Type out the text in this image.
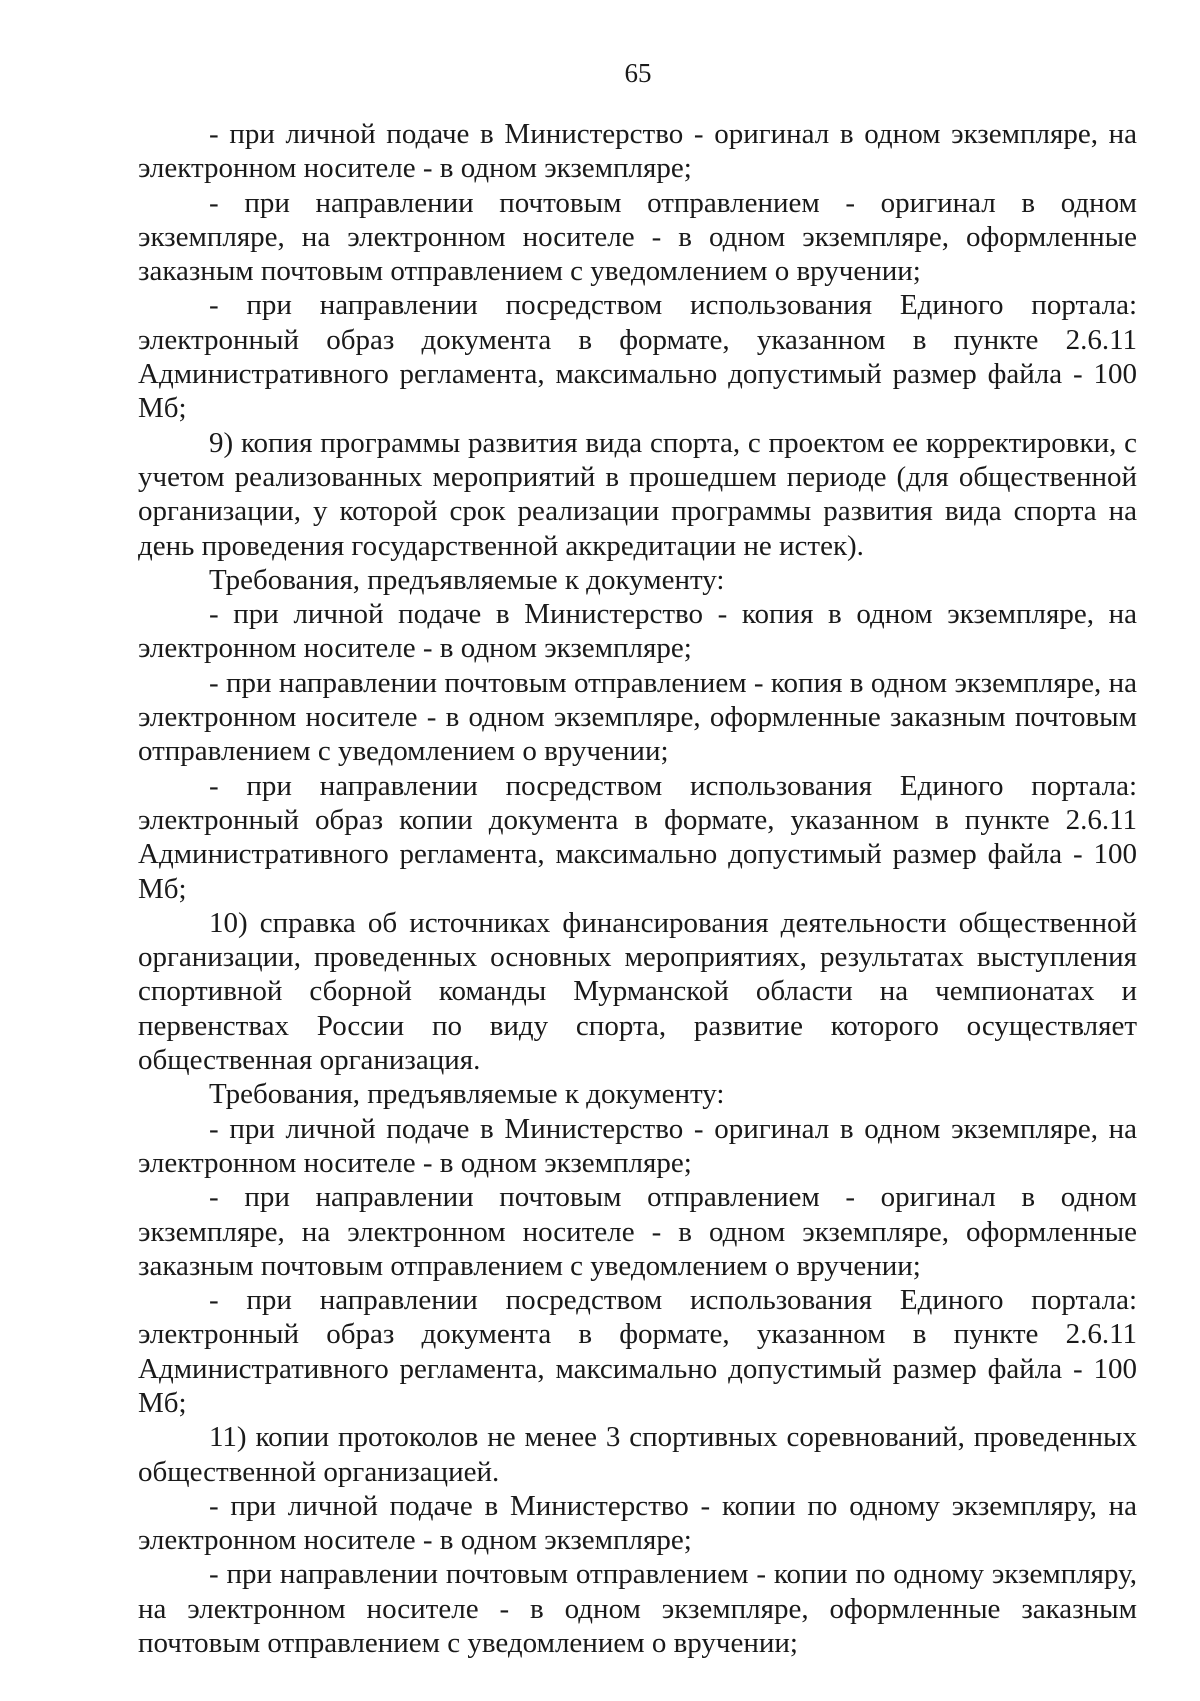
65

- при личной подаче в Министерство - оригинал в одном экземпляре, на электронном носителе - в одном экземпляре;

- при направлении почтовым отправлением - оригинал в одном экземпляре, на электронном носителе - в одном экземпляре, оформленные заказным почтовым отправлением с уведомлением о вручении;

- при направлении посредством использования Единого портала: электронный образ документа в формате, указанном в пункте 2.6.11 Административного регламента, максимально допустимый размер файла - 100 Мб;

9) копия программы развития вида спорта, с проектом ее корректировки, с учетом реализованных мероприятий в прошедшем периоде (для общественной организации, у которой срок реализации программы развития вида спорта на день проведения государственной аккредитации не истек).

Требования, предъявляемые к документу:

- при личной подаче в Министерство - копия в одном экземпляре, на электронном носителе - в одном экземпляре;

- при направлении почтовым отправлением - копия в одном экземпляре, на электронном носителе - в одном экземпляре, оформленные заказным почтовым отправлением с уведомлением о вручении;

- при направлении посредством использования Единого портала: электронный образ копии документа в формате, указанном в пункте 2.6.11 Административного регламента, максимально допустимый размер файла - 100 Мб;

10) справка об источниках финансирования деятельности общественной организации, проведенных основных мероприятиях, результатах выступления спортивной сборной команды Мурманской области на чемпионатах и первенствах России по виду спорта, развитие которого осуществляет общественная организация.

Требования, предъявляемые к документу:

- при личной подаче в Министерство - оригинал в одном экземпляре, на электронном носителе - в одном экземпляре;

- при направлении почтовым отправлением - оригинал в одном экземпляре, на электронном носителе - в одном экземпляре, оформленные заказным почтовым отправлением с уведомлением о вручении;

- при направлении посредством использования Единого портала: электронный образ документа в формате, указанном в пункте 2.6.11 Административного регламента, максимально допустимый размер файла - 100 Мб;

11) копии протоколов не менее 3 спортивных соревнований, проведенных общественной организацией.

- при личной подаче в Министерство - копии по одному экземпляру, на электронном носителе - в одном экземпляре;

- при направлении почтовым отправлением - копии по одному экземпляру, на электронном носителе - в одном экземпляре, оформленные заказным почтовым отправлением с уведомлением о вручении;
